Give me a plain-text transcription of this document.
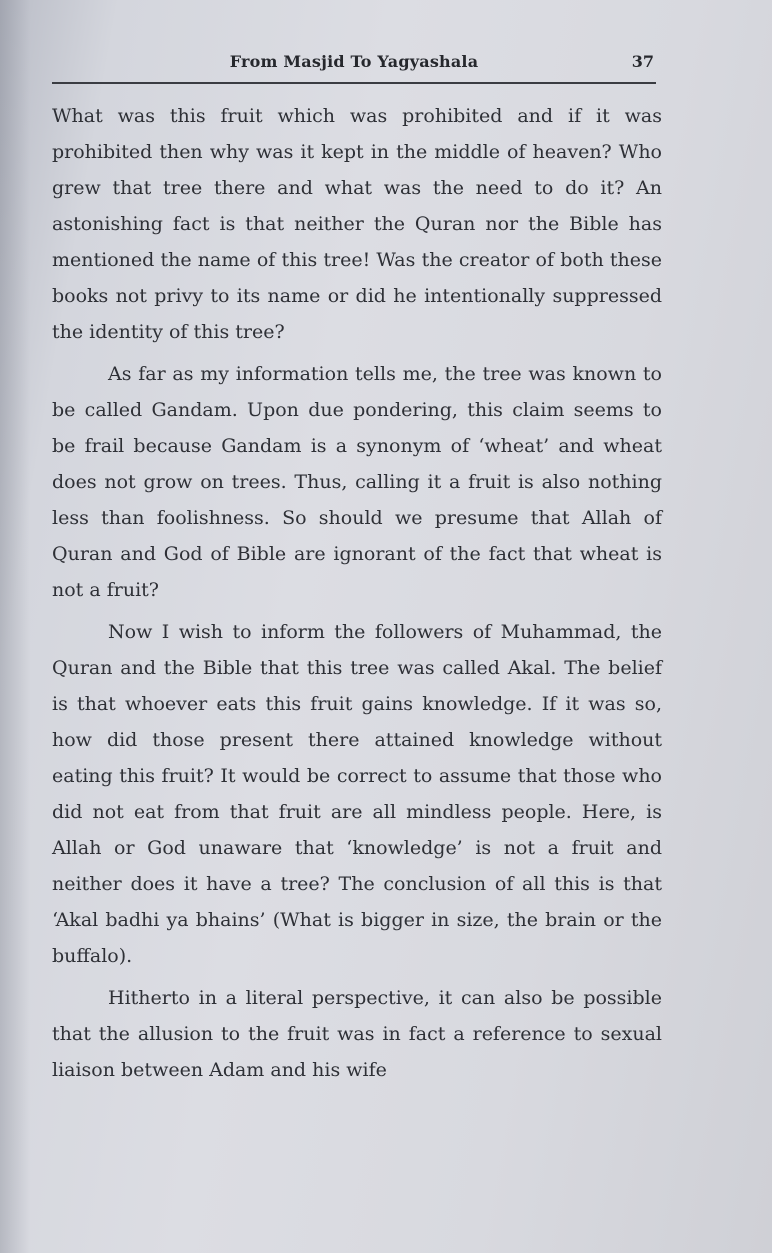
From Masjid To Yagyashala	37

What was this fruit which was prohibited and if it was prohibited then why was it kept in the middle of heaven? Who grew that tree there and what was the need to do it? An astonishing fact is that neither the Quran nor the Bible has mentioned the name of this tree! Was the creator of both these books not privy to its name or did he intentionally suppressed the identity of this tree?

As far as my information tells me, the tree was known to be called Gandam. Upon due pondering, this claim seems to be frail because Gandam is a synonym of ‘wheat’ and wheat does not grow on trees. Thus, calling it a fruit is also nothing less than foolishness. So should we presume that Allah of Quran and God of Bible are ignorant of the fact that wheat is not a fruit?

Now I wish to inform the followers of Muhammad, the Quran and the Bible that this tree was called Akal. The belief is that whoever eats this fruit gains knowledge. If it was so, how did those present there attained knowledge without eating this fruit? It would be correct to assume that those who did not eat from that fruit are all mindless people. Here, is Allah or God unaware that ‘knowledge’ is not a fruit and neither does it have a tree? The conclusion of all this is that ‘Akal badhi ya bhains’ (What is bigger in size, the brain or the buffalo).

Hitherto in a literal perspective, it can also be possible that the allusion to the fruit was in fact a reference to sexual liaison between Adam and his wife
